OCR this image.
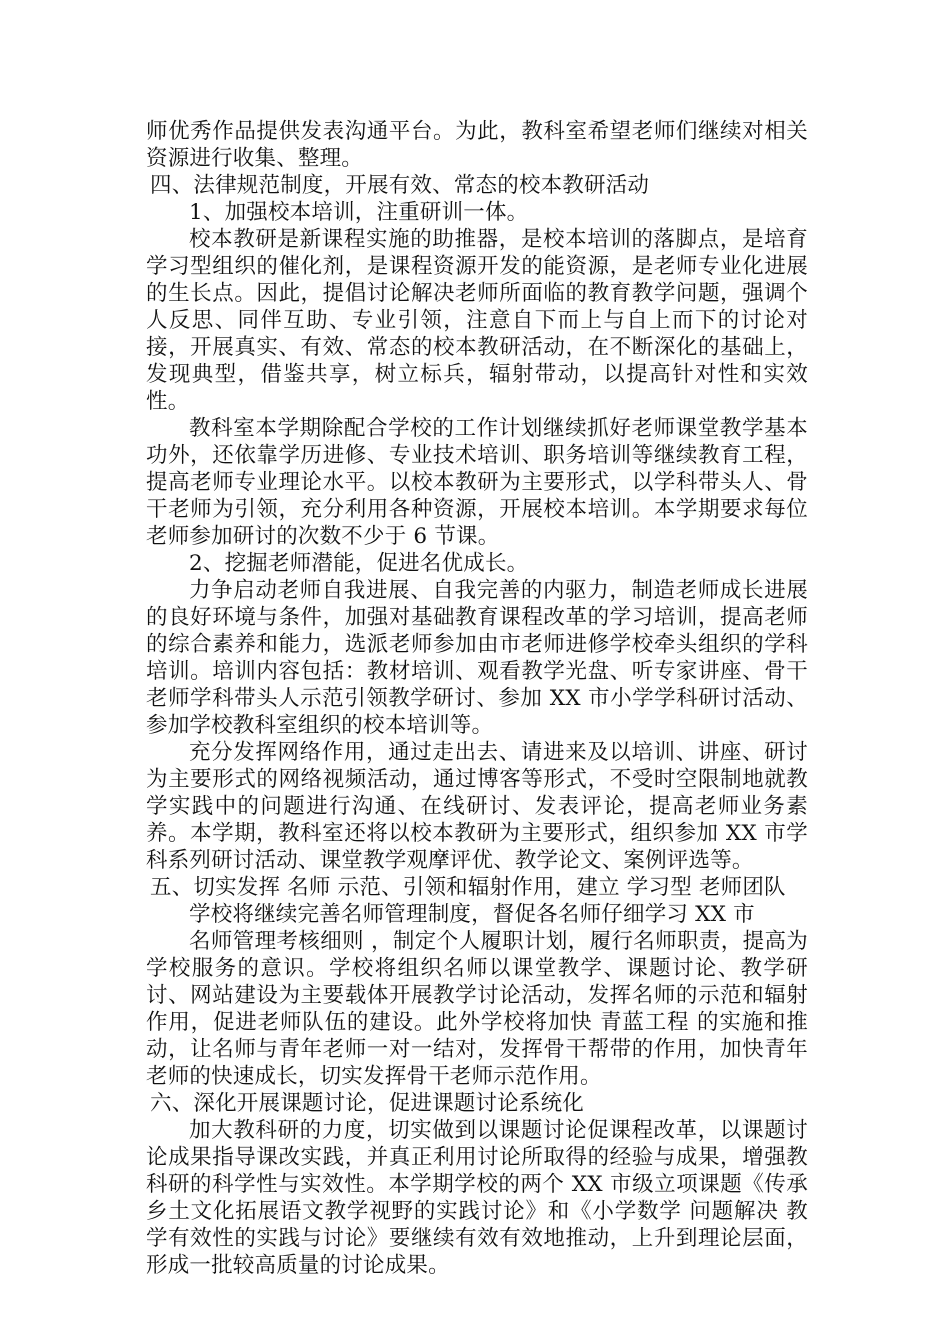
师优秀作品提供发表沟通平台。为此，教科室希望老师们继续对相关资源进行收集、整理。

四、法律规范制度，开展有效、常态的校本教研活动

1、加强校本培训，注重研训一体。

校本教研是新课程实施的助推器，是校本培训的落脚点，是培育学习型组织的催化剂，是课程资源开发的能资源，是老师专业化进展的生长点。因此，提倡讨论解决老师所面临的教育教学问题，强调个人反思、同伴互助、专业引领，注意自下而上与自上而下的讨论对接，开展真实、有效、常态的校本教研活动，在不断深化的基础上，发现典型，借鉴共享，树立标兵，辐射带动，以提高针对性和实效性。

教科室本学期除配合学校的工作计划继续抓好老师课堂教学基本功外，还依靠学历进修、专业技术培训、职务培训等继续教育工程，提高老师专业理论水平。以校本教研为主要形式，以学科带头人、骨干老师为引领，充分利用各种资源，开展校本培训。本学期要求每位老师参加研讨的次数不少于 6 节课。

2、挖掘老师潜能，促进名优成长。

力争启动老师自我进展、自我完善的内驱力，制造老师成长进展的良好环境与条件，加强对基础教育课程改革的学习培训，提高老师的综合素养和能力，选派老师参加由市老师进修学校牵头组织的学科培训。培训内容包括：教材培训、观看教学光盘、听专家讲座、骨干老师学科带头人示范引领教学研讨、参加 XX 市小学学科研讨活动、参加学校教科室组织的校本培训等。

充分发挥网络作用，通过走出去、请进来及以培训、讲座、研讨为主要形式的网络视频活动，通过博客等形式，不受时空限制地就教学实践中的问题进行沟通、在线研讨、发表评论，提高老师业务素养。本学期，教科室还将以校本教研为主要形式，组织参加 XX 市学科系列研讨活动、课堂教学观摩评优、教学论文、案例评选等。

五、切实发挥 名师 示范、引领和辐射作用，建立 学习型 老师团队

学校将继续完善名师管理制度，督促各名师仔细学习 XX 市

名师管理考核细则 ，制定个人履职计划，履行名师职责，提高为学校服务的意识。学校将组织名师以课堂教学、课题讨论、教学研讨、网站建设为主要载体开展教学讨论活动，发挥名师的示范和辐射作用，促进老师队伍的建设。此外学校将加快 青蓝工程 的实施和推动，让名师与青年老师一对一结对，发挥骨干帮带的作用，加快青年老师的快速成长，切实发挥骨干老师示范作用。

六、深化开展课题讨论，促进课题讨论系统化

加大教科研的力度，切实做到以课题讨论促课程改革，以课题讨论成果指导课改实践，并真正利用讨论所取得的经验与成果，增强教科研的科学性与实效性。本学期学校的两个 XX 市级立项课题《传承乡土文化拓展语文教学视野的实践讨论》和《小学数学 问题解决 教学有效性的实践与讨论》要继续有效有效地推动，上升到理论层面，形成一批较高质量的讨论成果。
